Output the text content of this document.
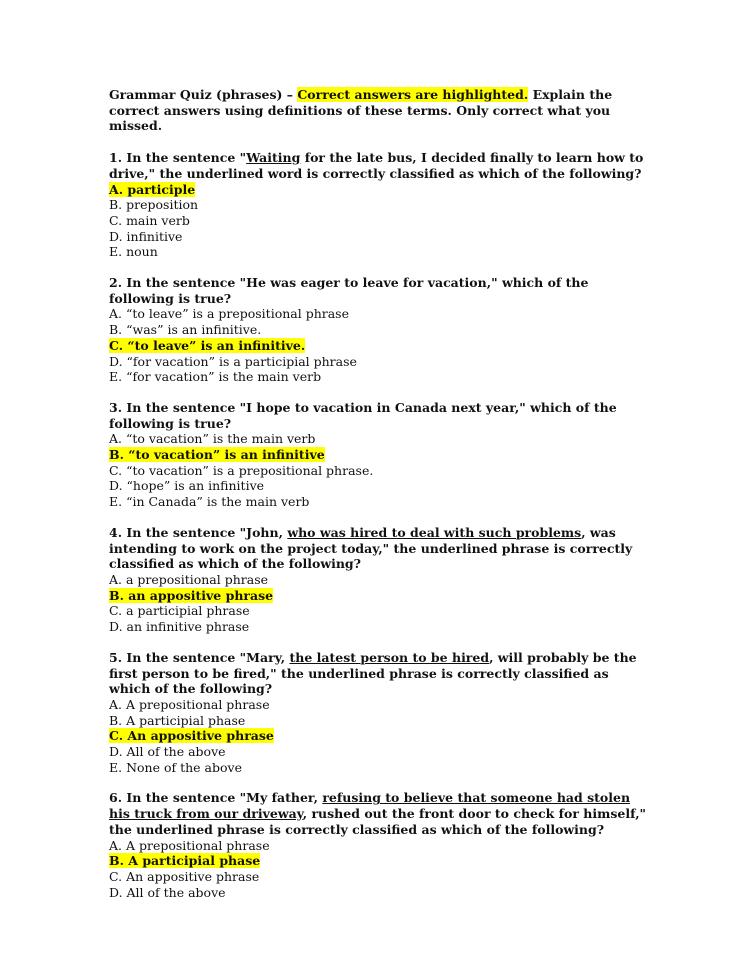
Grammar Quiz (phrases) – Correct answers are highlighted. Explain the correct answers using definitions of these terms. Only correct what you missed.

1. In the sentence "Waiting for the late bus, I decided finally to learn how to drive," the underlined word is correctly classified as which of the following?
A. participle
B. preposition
C. main verb
D. infinitive
E. noun
2. In the sentence "He was eager to leave for vacation," which of the following is true?
A. “to leave” is a prepositional phrase
B. “was” is an infinitive.
C. “to leave” is an infinitive.
D. “for vacation” is a participial phrase
E. “for vacation” is the main verb
3. In the sentence "I hope to vacation in Canada next year," which of the following is true?
A. “to vacation” is the main verb
B. “to vacation” is an infinitive
C. “to vacation” is a prepositional phrase.
D. “hope” is an infinitive
E. “in Canada” is the main verb
4. In the sentence "John, who was hired to deal with such problems, was intending to work on the project today," the underlined phrase is correctly classified as which of the following?
A. a prepositional phrase
B. an appositive phrase
C. a participial phrase
D. an infinitive phrase
5. In the sentence "Mary, the latest person to be hired, will probably be the first person to be fired," the underlined phrase is correctly classified as which of the following?
A. A prepositional phrase
B. A participial phase
C. An appositive phrase
D. All of the above
E. None of the above
6. In the sentence "My father, refusing to believe that someone had stolen his truck from our driveway, rushed out the front door to check for himself," the underlined phrase is correctly classified as which of the following?
A. A prepositional phrase
B. A participial phase
C. An appositive phrase
D. All of the above
